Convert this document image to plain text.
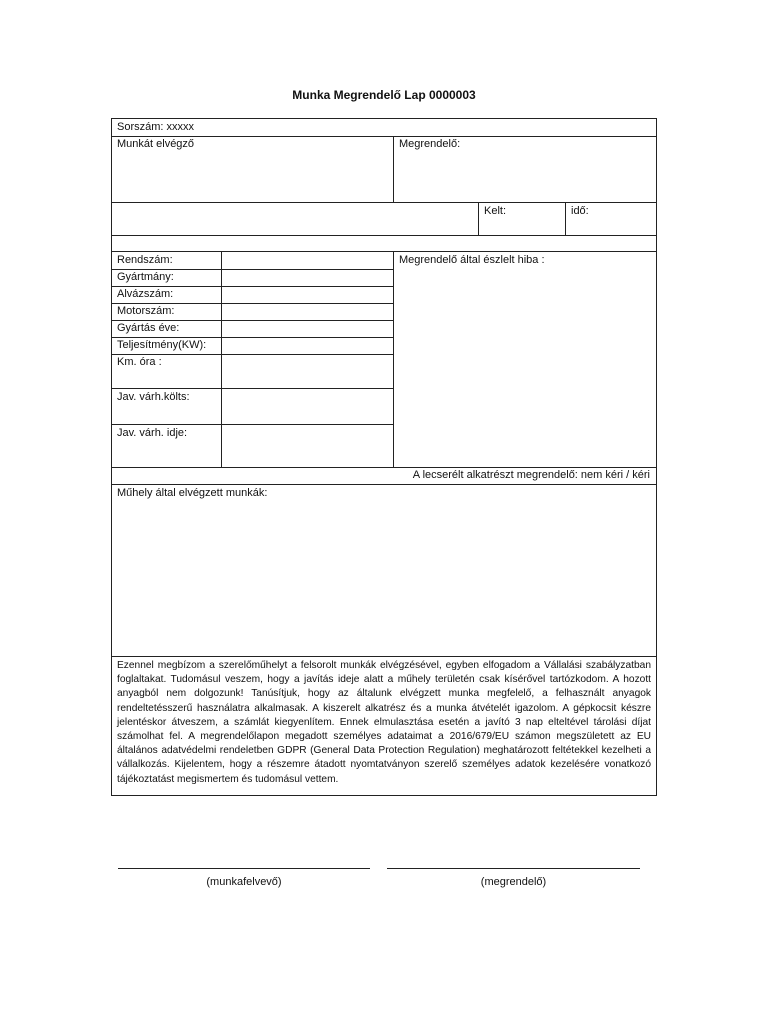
Munka Megrendelő Lap 0000003
Sorszám: xxxxx
Munkát elvégző	Megrendelő:
Kelt:	idő:
Rendszám:
Gyártmány:
Alvázszám:
Motorszám:
Gyártás éve:
Teljesítmény(KW):
Km. óra :
Jav. várh.költs:
Jav. várh. idje:
Megrendelő által észlelt hiba :
A lecserélt alkatrészt megrendelő: nem kéri / kéri
Műhely által elvégzett munkák:
Ezennel megbízom a szerelőműhelyt a felsorolt munkák elvégzésével, egyben elfogadom a Vállalási szabályzatban foglaltakat. Tudomásul veszem, hogy a javítás ideje alatt a műhely területén csak kísérővel tartózkodom. A hozott anyagból nem dolgozunk! Tanúsítjuk, hogy az általunk elvégzett munka megfelelő, a felhasznált anyagok rendeltetésszerű használatra alkalmasak. A kiszerelt alkatrész és a munka átvételét igazolom. A gépkocsit készre jelentéskor átveszem, a számlát kiegyenlítem. Ennek elmulasztása esetén a javító 3 nap elteltével tárolási díjat számolhat fel. A megrendelőlapon megadott személyes adataimat a 2016/679/EU számon megszületett az EU általános adatvédelmi rendeletben GDPR (General Data Protection Regulation) meghatározott feltétekkel kezelheti a vállalkozás. Kijelentem, hogy a részemre átadott nyomtatványon szerelő személyes adatok kezelésére vonatkozó tájékoztatást megismertem és tudomásul vettem.
(munkafelvevő)	(megrendelő)
